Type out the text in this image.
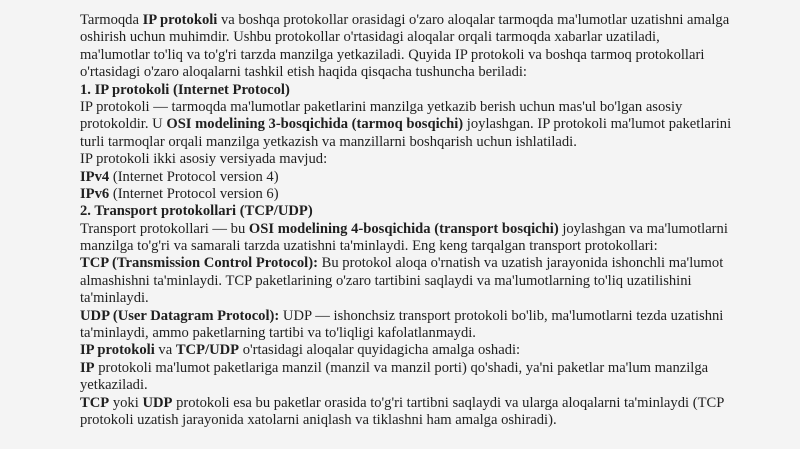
Tarmoqda IP protokoli va boshqa protokollar orasidagi o'zaro aloqalar tarmoqda ma'lumotlar uzatishni amalga
oshirish uchun muhimdir. Ushbu protokollar o'rtasidagi aloqalar orqali tarmoqda xabarlar uzatiladi,
ma'lumotlar to'liq va to'g'ri tarzda manzilga yetkaziladi. Quyida IP protokoli va boshqa tarmoq protokollari
o'rtasidagi o'zaro aloqalarni tashkil etish haqida qisqacha tushuncha beriladi:
1. IP protokoli (Internet Protocol)
IP protokoli — tarmoqda ma'lumotlar paketlarini manzilga yetkazib berish uchun mas'ul bo'lgan asosiy
protokoldir. U OSI modelining 3-bosqichida (tarmoq bosqichi) joylashgan. IP protokoli ma'lumot paketlarini
turli tarmoqlar orqali manzilga yetkazish va manzillarni boshqarish uchun ishlatiladi.
IP protokoli ikki asosiy versiyada mavjud:
IPv4 (Internet Protocol version 4)
IPv6 (Internet Protocol version 6)
2. Transport protokollari (TCP/UDP)
Transport protokollari — bu OSI modelining 4-bosqichida (transport bosqichi) joylashgan va ma'lumotlarni
manzilga to'g'ri va samarali tarzda uzatishni ta'minlaydi. Eng keng tarqalgan transport protokollari:
TCP (Transmission Control Protocol): Bu protokol aloqa o'rnatish va uzatish jarayonida ishonchli ma'lumot
almashishni ta'minlaydi. TCP paketlarining o'zaro tartibini saqlaydi va ma'lumotlarning to'liq uzatilishini
ta'minlaydi.
UDP (User Datagram Protocol): UDP — ishonchsiz transport protokoli bo'lib, ma'lumotlarni tezda uzatishni
ta'minlaydi, ammo paketlarning tartibi va to'liqligi kafolatlanmaydi.
IP protokoli va TCP/UDP o'rtasidagi aloqalar quyidagicha amalga oshadi:
IP protokoli ma'lumot paketlariga manzil (manzil va manzil porti) qo'shadi, ya'ni paketlar ma'lum manzilga
yetkaziladi.
TCP yoki UDP protokoli esa bu paketlar orasida to'g'ri tartibni saqlaydi va ularga aloqalarni ta'minlaydi (TCP
protokoli uzatish jarayonida xatolarni aniqlash va tiklashni ham amalga oshiradi).
